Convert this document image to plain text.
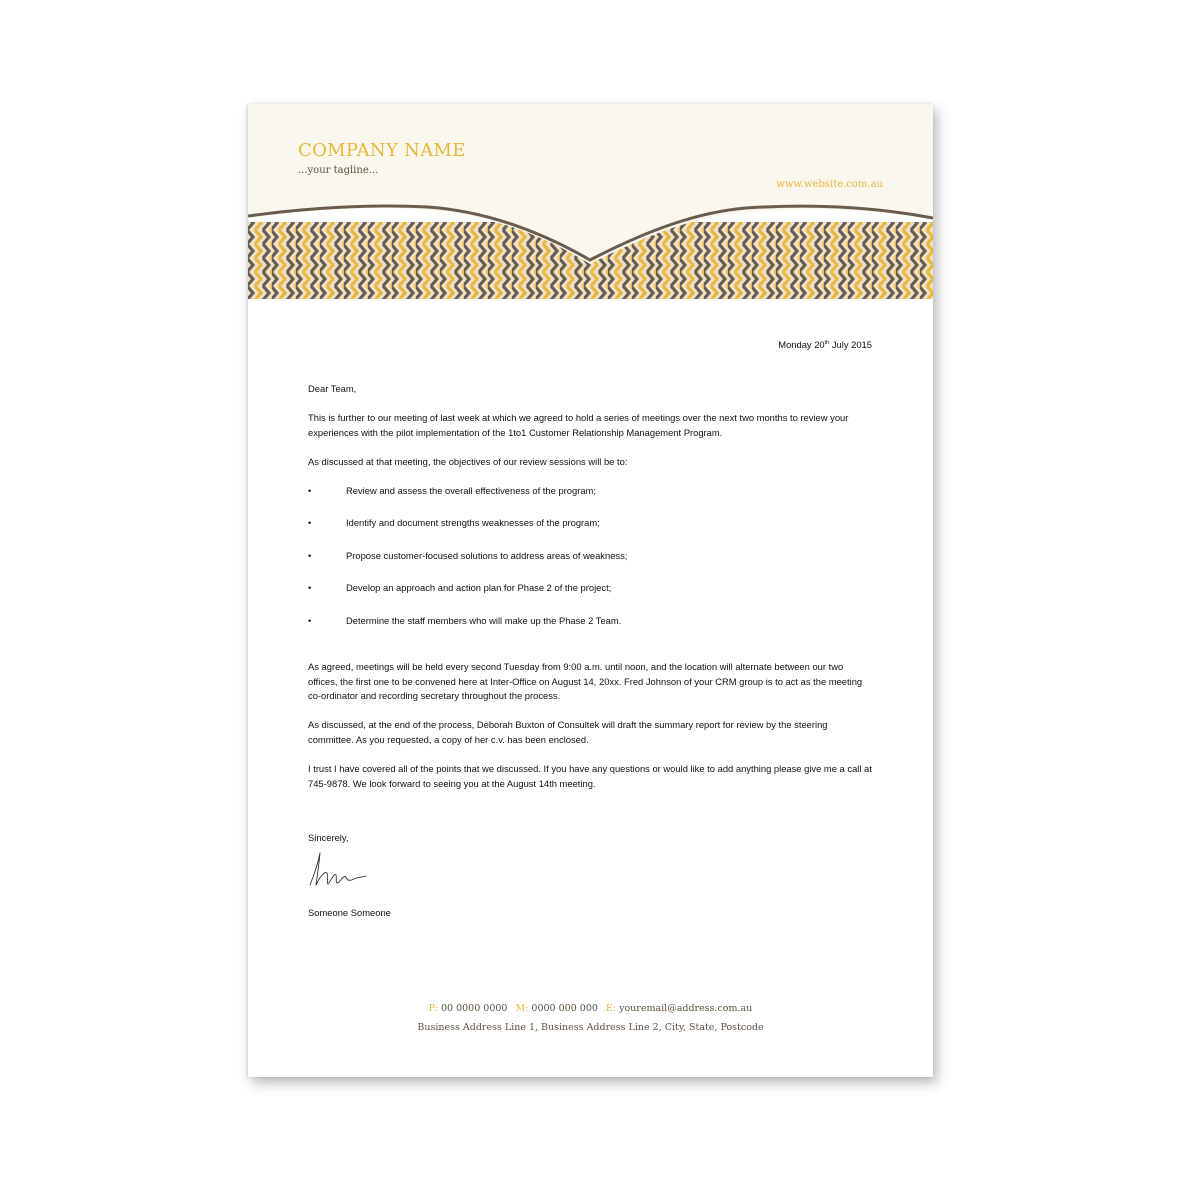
COMPANY NAME
...your tagline...
www.website.com.au
Monday 20th July 2015

Dear Team,

This is further to our meeting of last week at which we agreed to hold a series of meetings over the next two months to review your experiences with the pilot implementation of the 1to1 Customer Relationship Management Program.

As discussed at that meeting, the objectives of our review sessions will be to:

•	Review and assess the overall effectiveness of the program;
•	Identify and document strengths weaknesses of the program;
•	Propose customer-focused solutions to address areas of weakness;
•	Develop an approach and action plan for Phase 2 of the project;
•	Determine the staff members who will make up the Phase 2 Team.

As agreed, meetings will be held every second Tuesday from 9:00 a.m. until noon, and the location will alternate between our two offices, the first one to be convened here at Inter-Office on August 14, 20xx. Fred Johnson of your CRM group is to act as the meeting co-ordinator and recording secretary throughout the process.

As discussed, at the end of the process, Deborah Buxton of Consultek will draft the summary report for review by the steering committee. As you requested, a copy of her c.v. has been enclosed.

I trust I have covered all of the points that we discussed. If you have any questions or would like to add anything please give me a call at 745-9878. We look forward to seeing you at the August 14th meeting.

Sincerely,

Someone Someone

P: 00 0000 0000 M: 0000 000 000 E: youremail@address.com.au
Business Address Line 1, Business Address Line 2, City, State, Postcode
